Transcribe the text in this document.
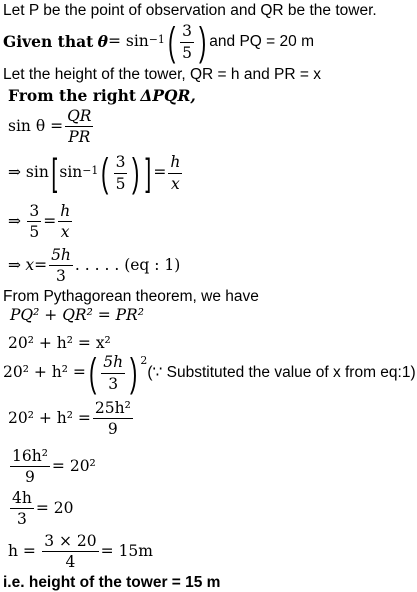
Let P be the point of observation and QR be the tower.
Given that
$\theta = \sin^{-1}$ ( $\frac{3}{5}$ ) and PQ = 20 m
Let the height of the tower, QR = h and PR = x
From the right ΔPQR,
$\sin \theta = \frac{QR}{PR}$
⇒ sin [ $\sin^{-1}$ ( $\frac{3}{5}$ ) ] = $\frac{h}{x}$
⇒
$\frac{3}{5} = \frac{h}{x}$
⇒
$x = \frac{5h}{3}$ . . . . . (eq : 1)
From Pythagorean theorem, we have
PQ² + QR² = PR²
20² + h² = x²
20² + h² = ( $\frac{5h}{3}$ ) $^2$
(∵ Substituted the value of x from eq:1)
$20^2 + h^2 = \frac{\text{25h²}}{9}$
$\frac{\text{16h²}}{9} = 20^2$
$\frac{4h}{3} = 20$
h =
$\frac{3 \times 20}{4} = 15m$
i.e. height of the tower = 15 m
